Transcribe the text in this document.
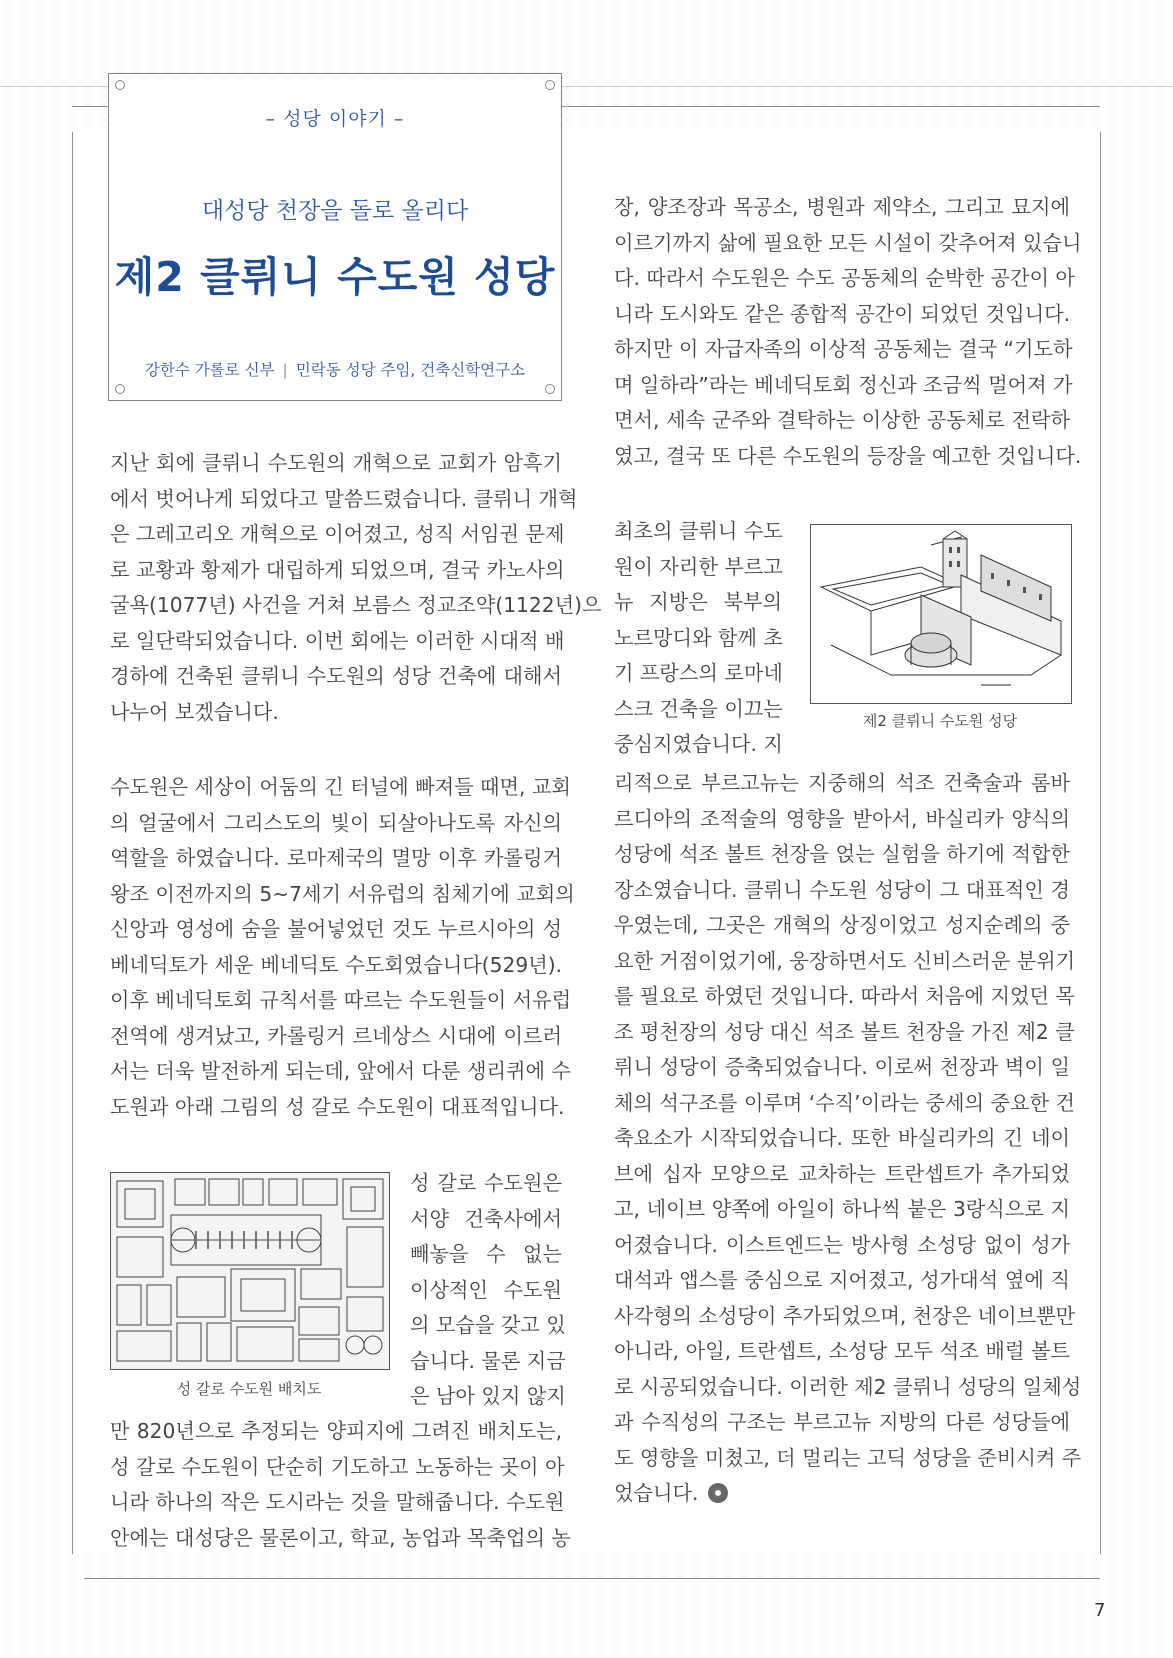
– 성당 이야기 –
대성당 천장을 돌로 올리다
제2 클뤼니 수도원 성당
강한수 가롤로 신부 | 민락동 성당 주임, 건축신학연구소

지난 회에 클뤼니 수도원의 개혁으로 교회가 암흑기
에서 벗어나게 되었다고 말씀드렸습니다. 클뤼니 개혁
은 그레고리오 개혁으로 이어졌고, 성직 서임권 문제
로 교황과 황제가 대립하게 되었으며, 결국 카노사의
굴욕(1077년) 사건을 거쳐 보름스 정교조약(1122년)으
로 일단락되었습니다. 이번 회에는 이러한 시대적 배
경하에 건축된 클뤼니 수도원의 성당 건축에 대해서
나누어 보겠습니다.

수도원은 세상이 어둠의 긴 터널에 빠져들 때면, 교회
의 얼굴에서 그리스도의 빛이 되살아나도록 자신의
역할을 하였습니다. 로마제국의 멸망 이후 카롤링거
왕조 이전까지의 5~7세기 서유럽의 침체기에 교회의
신앙과 영성에 숨을 불어넣었던 것도 누르시아의 성
베네딕토가 세운 베네딕토 수도회였습니다(529년).
이후 베네딕토회 규칙서를 따르는 수도원들이 서유럽
전역에 생겨났고, 카롤링거 르네상스 시대에 이르러
서는 더욱 발전하게 되는데, 앞에서 다룬 생리퀴에 수
도원과 아래 그림의 성 갈로 수도원이 대표적입니다.

성 갈로 수도원 배치도

성 갈로 수도원은
서양 건축사에서
빼놓을 수 없는
이상적인 수도원
의 모습을 갖고 있
습니다. 물론 지금
은 남아 있지 않지

만 820년으로 추정되는 양피지에 그려진 배치도는,
성 갈로 수도원이 단순히 기도하고 노동하는 곳이 아
니라 하나의 작은 도시라는 것을 말해줍니다. 수도원
안에는 대성당은 물론이고, 학교, 농업과 목축업의 농

장, 양조장과 목공소, 병원과 제약소, 그리고 묘지에
이르기까지 삶에 필요한 모든 시설이 갖추어져 있습니
다. 따라서 수도원은 수도 공동체의 순박한 공간이 아
니라 도시와도 같은 종합적 공간이 되었던 것입니다.
하지만 이 자급자족의 이상적 공동체는 결국 “기도하
며 일하라”라는 베네딕토회 정신과 조금씩 멀어져 가
면서, 세속 군주와 결탁하는 이상한 공동체로 전락하
였고, 결국 또 다른 수도원의 등장을 예고한 것입니다.

최초의 클뤼니 수도
원이 자리한 부르고
뉴 지방은 북부의
노르망디와 함께 초
기 프랑스의 로마네
스크 건축을 이끄는
중심지였습니다. 지

제2 클뤼니 수도원 성당

리적으로 부르고뉴는 지중해의 석조 건축술과 롬바
르디아의 조적술의 영향을 받아서, 바실리카 양식의
성당에 석조 볼트 천장을 얹는 실험을 하기에 적합한
장소였습니다. 클뤼니 수도원 성당이 그 대표적인 경
우였는데, 그곳은 개혁의 상징이었고 성지순례의 중
요한 거점이었기에, 웅장하면서도 신비스러운 분위기
를 필요로 하였던 것입니다. 따라서 처음에 지었던 목
조 평천장의 성당 대신 석조 볼트 천장을 가진 제2 클
뤼니 성당이 증축되었습니다. 이로써 천장과 벽이 일
체의 석구조를 이루며 ‘수직’이라는 중세의 중요한 건
축요소가 시작되었습니다. 또한 바실리카의 긴 네이
브에 십자 모양으로 교차하는 트란셉트가 추가되었
고, 네이브 양쪽에 아일이 하나씩 붙은 3랑식으로 지
어졌습니다. 이스트엔드는 방사형 소성당 없이 성가
대석과 앱스를 중심으로 지어졌고, 성가대석 옆에 직
사각형의 소성당이 추가되었으며, 천장은 네이브뿐만
아니라, 아일, 트란셉트, 소성당 모두 석조 배럴 볼트
로 시공되었습니다. 이러한 제2 클뤼니 성당의 일체성
과 수직성의 구조는 부르고뉴 지방의 다른 성당들에
도 영향을 미쳤고, 더 멀리는 고딕 성당을 준비시켜 주
었습니다.

7
